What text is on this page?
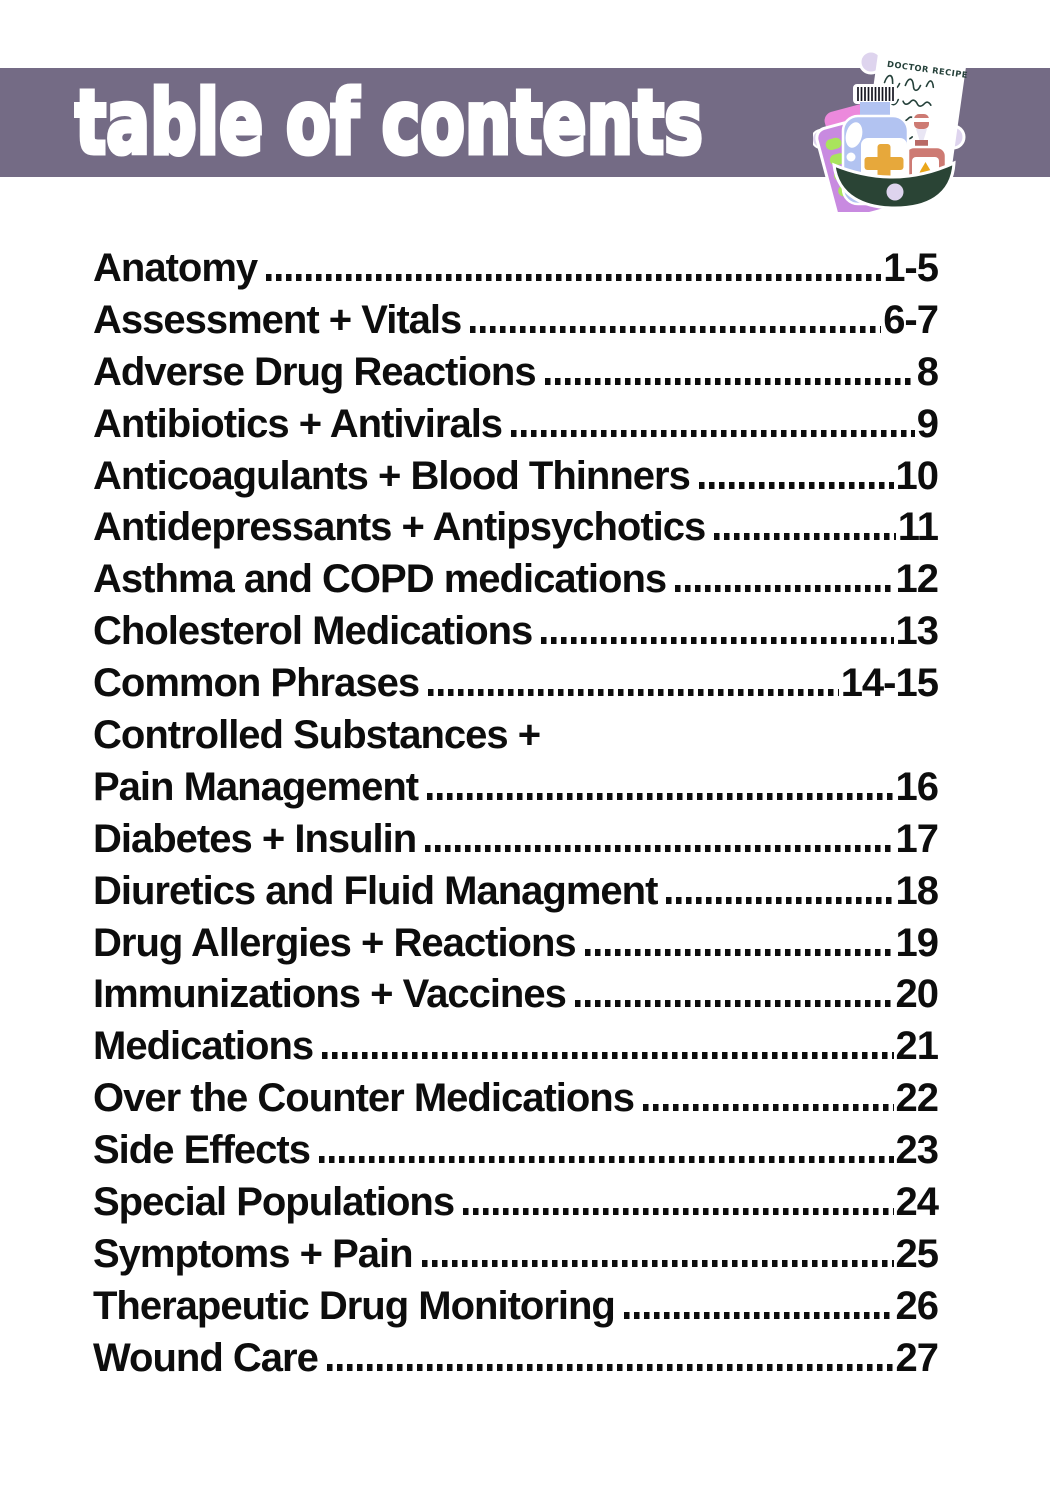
table of contents
DOCTOR RECIPE
Anatomy	1-5
Assessment + Vitals	6-7
Adverse Drug Reactions	8
Antibiotics + Antivirals	9
Anticoagulants + Blood Thinners	10
Antidepressants + Antipsychotics	11
Asthma and COPD medications	12
Cholesterol Medications	13
Common Phrases	14-15
Controlled Substances +
Pain Management	16
Diabetes + Insulin	17
Diuretics and Fluid Managment	18
Drug Allergies + Reactions	19
Immunizations + Vaccines	20
Medications	21
Over the Counter Medications	22
Side Effects	23
Special Populations	24
Symptoms + Pain	25
Therapeutic Drug Monitoring	26
Wound Care	27
